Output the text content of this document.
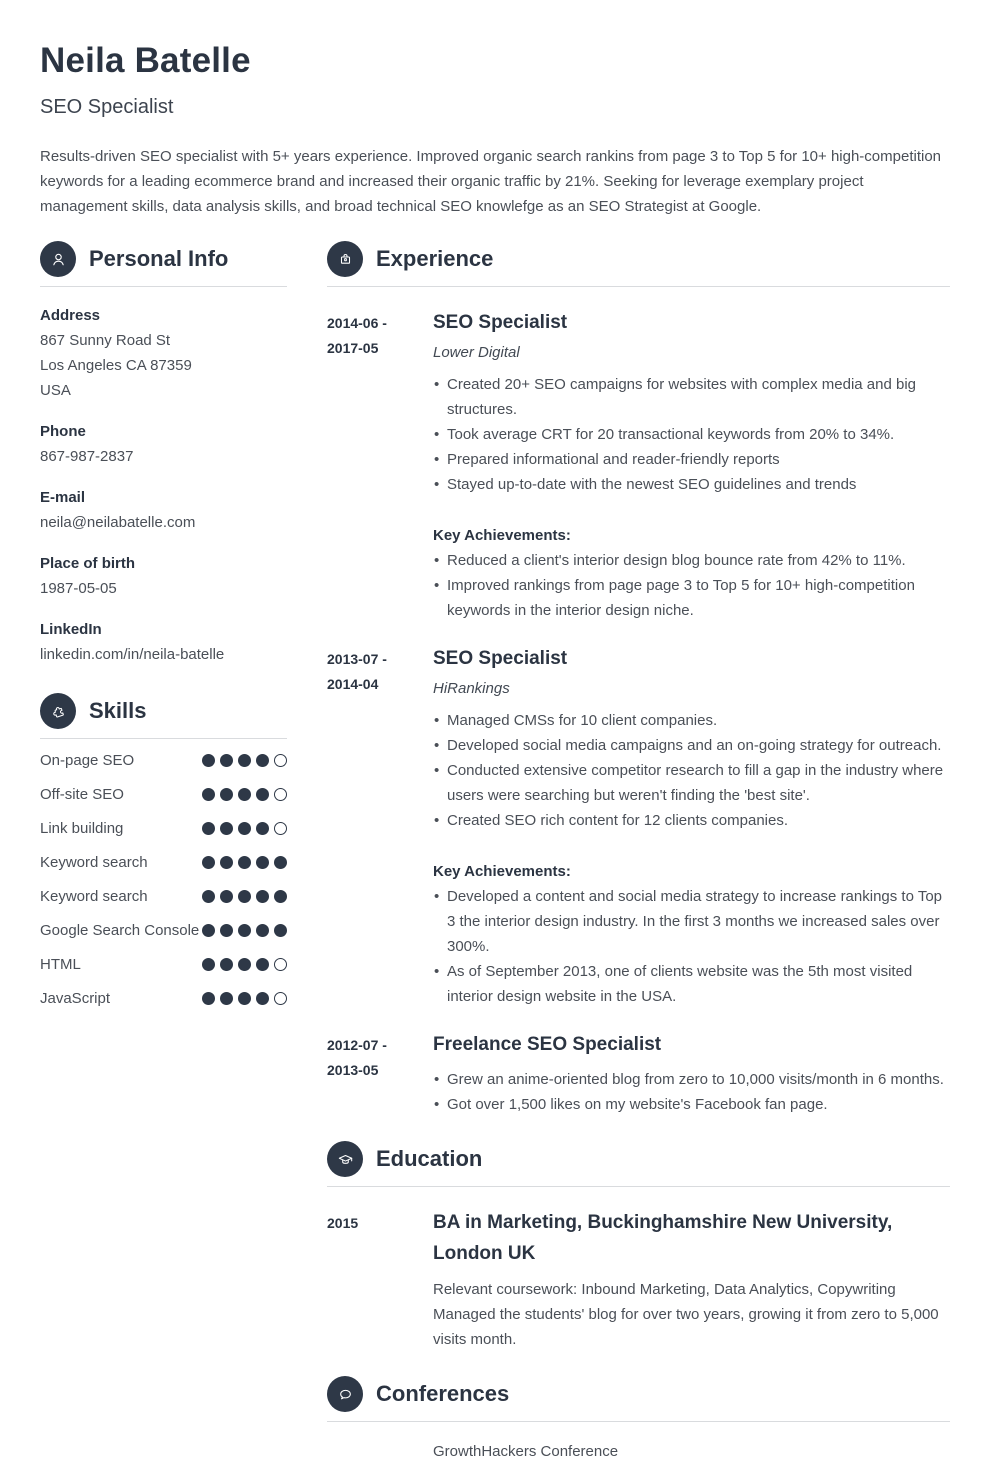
Neila Batelle
SEO Specialist

Results-driven SEO specialist with 5+ years experience. Improved organic search rankins from page 3 to Top 5 for 10+ high-competition keywords for a leading ecommerce brand and increased their organic traffic by 21%. Seeking for leverage exemplary project management skills, data analysis skills, and broad technical SEO knowlefge as an SEO Strategist at Google.

Personal Info
Address
867 Sunny Road St
Los Angeles CA 87359
USA
Phone
867-987-2837
E-mail
neila@neilabatelle.com
Place of birth
1987-05-05
LinkedIn
linkedin.com/in/neila-batelle
Skills
On-page SEO
Off-site SEO
Link building
Keyword search
Keyword search
Google Search Console
HTML
JavaScript
Experience
2014-06 -
2017-05
SEO Specialist
Lower Digital
• Created 20+ SEO campaigns for websites with complex media and big structures.
• Took average CRT for 20 transactional keywords from 20% to 34%.
• Prepared informational and reader-friendly reports
• Stayed up-to-date with the newest SEO guidelines and trends
Key Achievements:
• Reduced a client's interior design blog bounce rate from 42% to 11%.
• Improved rankings from page page 3 to Top 5 for 10+ high-competition keywords in the interior design niche.
2013-07 -
2014-04
SEO Specialist
HiRankings
• Managed CMSs for 10 client companies.
• Developed social media campaigns and an on-going strategy for outreach.
• Conducted extensive competitor research to fill a gap in the industry where users were searching but weren't finding the 'best site'.
• Created SEO rich content for 12 clients companies.
Key Achievements:
• Developed a content and social media strategy to increase rankings to Top 3 the interior design industry. In the first 3 months we increased sales over 300%.
• As of September 2013, one of clients website was the 5th most visited interior design website in the USA.
2012-07 -
2013-05
Freelance SEO Specialist
• Grew an anime-oriented blog from zero to 10,000 visits/month in 6 months.
• Got over 1,500 likes on my website's Facebook fan page.
Education
2015	BA in Marketing, Buckinghamshire New University, London UK

Relevant coursework: Inbound Marketing, Data Analytics, Copywriting

Managed the students' blog for over two years, growing it from zero to 5,000 visits month.

Conferences
GrowthHackers Conference
